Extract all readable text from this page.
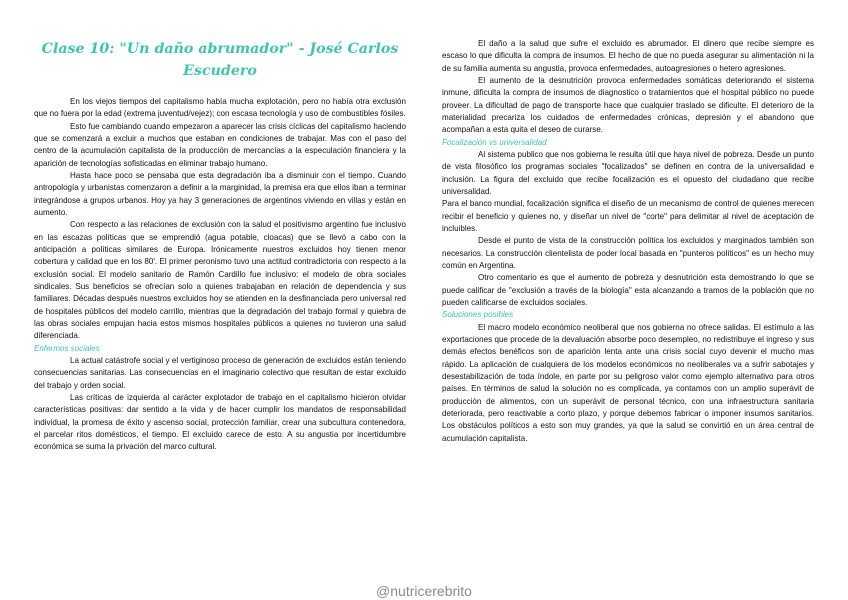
Clase 10: "Un daño abrumador" - José Carlos Escudero

En los viejos tiempos del capitalismo había mucha explotación, pero no había otra exclusión que no fuera por la edad (extrema juventud/vejez); con escasa tecnología y uso de combustibles fósiles.

Esto fue cambiando cuando empezaron a aparecer las crisis cíclicas del capitalismo haciendo que se comenzará a excluir a muchos que estaban en condiciones de trabajar. Mas con el paso del centro de la acumulación capitalista de la producción de mercancías a la especulación financiera y la aparición de tecnologías sofisticadas en eliminar trabajo humano.

Hasta hace poco se pensaba que esta degradación iba a disminuir con el tiempo. Cuando antropología y urbanistas comenzaron a definir a la marginidad, la premisa era que ellos iban a terminar integrándose a grupos urbanos. Hoy ya hay 3 generaciones de argentinos viviendo en villas y están en aumento.

Con respecto a las relaciones de exclusión con la salud el positivismo argentino fue inclusivo en las escazas políticas que se emprendió (agua potable, cloacas) que se llevó a cabo con la anticipación a políticas similares de Europa. Irónicamente nuestros excluidos hoy tienen menor cobertura y calidad que en los 80'. El primer peronismo tuvo una actitud contradictoria con respecto a la exclusión social. El modelo sanitario de Ramón Cardillo fue inclusivo: el modelo de obra sociales sindicales. Sus beneficios se ofrecían solo a quienes trabajaban en relación de dependencia y sus familiares. Décadas después nuestros excluidos hoy se atienden en la desfinanciada pero universal red de hospitales públicos del modelo carrillo, mientras que la degradación del trabajo formal y quiebra de las obras sociales empujan hacia estos mismos hospitales públicos a quienes no tuvieron una salud diferenciada.

Enfermos sociales

La actual catástrofe social y el vertiginoso proceso de generación de excluidos están teniendo consecuencias sanitarias. Las consecuencias en el imaginario colectivo que resultan de estar excluido del trabajo y orden social.

Las críticas de izquierda al carácter explotador de trabajo en el capitalismo hicieron olvidar características positivas: dar sentido a la vida y de hacer cumplir los mandatos de responsabilidad individual, la promesa de éxito y ascenso social, protección familiar, crear una subcultura contenedora, el parcelar ritos domésticos, el tiempo. El excluido carece de esto. A su angustia por incertidumbre económica se suma la privación del marco cultural.

El daño a la salud que sufre el excluido es abrumador. El dinero que recibe siempre es escaso lo que dificulta la compra de insumos. El hecho de que no pueda asegurar su alimentación ni la de su familia aumenta su angustia, provoca enfermedades, autoagresiones o hetero agresiones.

El aumento de la desnutrición provoca enfermedades somáticas deteriorando el sistema inmune, dificulta la compra de insumos de diagnostico o tratamientos que el hospital público no puede proveer. La dificultad de pago de transporte hace que cualquier traslado se dificulte. El deterioro de la materialidad precariza los cuidados de enfermedades crónicas, depresión y el abandono que acompañan a esta quita el deseo de curarse.

Focalización vs universalidad

Al sistema publico que nos gobierna le resulta útil que haya nivel de pobreza. Desde un punto de vista filosófico los programas sociales "focalizados" se definen en contra de la universalidad e inclusión. La figura del excluido que recibe focalización es el opuesto del ciudadano que recibe universalidad.

Para el banco mundial, focalización significa el diseño de un mecanismo de control de quienes merecen recibir el beneficio y quienes no, y diseñar un nivel de "corte" para delimitar al nivel de aceptación de incluibles.

Desde el punto de vista de la construcción política los excluidos y marginados también son necesarios. La construcción clientelista de poder local basada en "punteros políticos" es un hecho muy común en Argentina.

Otro comentario es que el aumento de pobreza y desnutrición esta demostrando lo que se puede calificar de "exclusión a través de la biología" esta alcanzando a tramos de la población que no pueden calificarse de excluidos sociales.

Soluciones posibles

El macro modelo económico neoliberal que nos gobierna no ofrece salidas. El estímulo a las exportaciones que procede de la devaluación absorbe poco desempleo, no redistribuye el ingreso y sus demás efectos benéficos son de aparición lenta ante una crisis social cuyo devenir el mucho mas rápido. La aplicación de cualquiera de los modelos económicos no neoliberales va a sufrir sabotajes y desestabilización de toda índole, en parte por su peligroso valor como ejemplo alternativo para otros países. En términos de salud la solución no es complicada, ya contamos con un amplio superávit de producción de alimentos, con un superávit de personal técnico, con una infraestructura sanitaria deteriorada, pero reactivable a corto plazo, y porque debemos fabricar o imponer insumos sanitarios. Los obstáculos políticos a esto son muy grandes, ya que la salud se convirtió en un área central de acumulación capitalista.

@nutricerebrito
